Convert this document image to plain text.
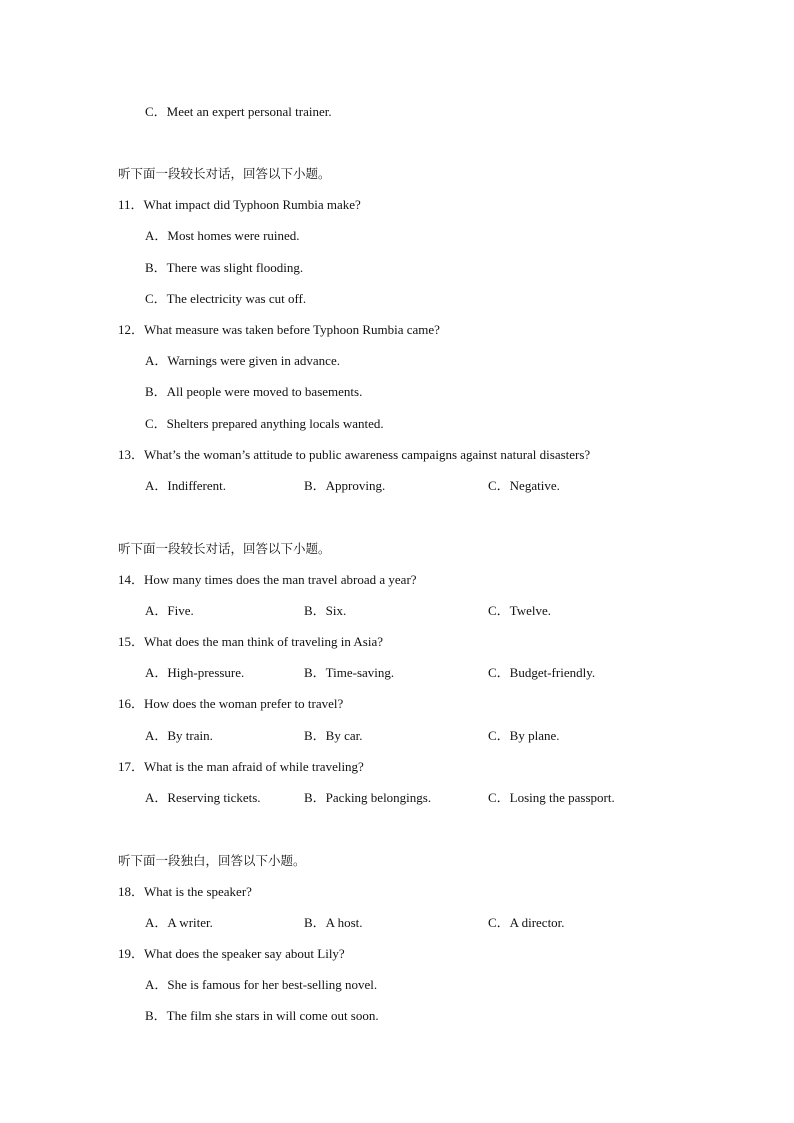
C．Meet an expert personal trainer.
听下面一段较长对话，回答以下小题。
11．What impact did Typhoon Rumbia make?
A．Most homes were ruined.
B．There was slight flooding.
C．The electricity was cut off.
12．What measure was taken before Typhoon Rumbia came?
A．Warnings were given in advance.
B．All people were moved to basements.
C．Shelters prepared anything locals wanted.
13．What’s the woman’s attitude to public awareness campaigns against natural disasters?
A．Indifferent.	B．Approving.	C．Negative.
听下面一段较长对话，回答以下小题。
14．How many times does the man travel abroad a year?
A．Five.	B．Six.	C．Twelve.
15．What does the man think of traveling in Asia?
A．High-pressure.	B．Time-saving.	C．Budget-friendly.
16．How does the woman prefer to travel?
A．By train.	B．By car.	C．By plane.
17．What is the man afraid of while traveling?
A．Reserving tickets.	B．Packing belongings.	C．Losing the passport.
听下面一段独白，回答以下小题。
18．What is the speaker?
A．A writer.	B．A host.	C．A director.
19．What does the speaker say about Lily?
A．She is famous for her best-selling novel.
B．The film she stars in will come out soon.
